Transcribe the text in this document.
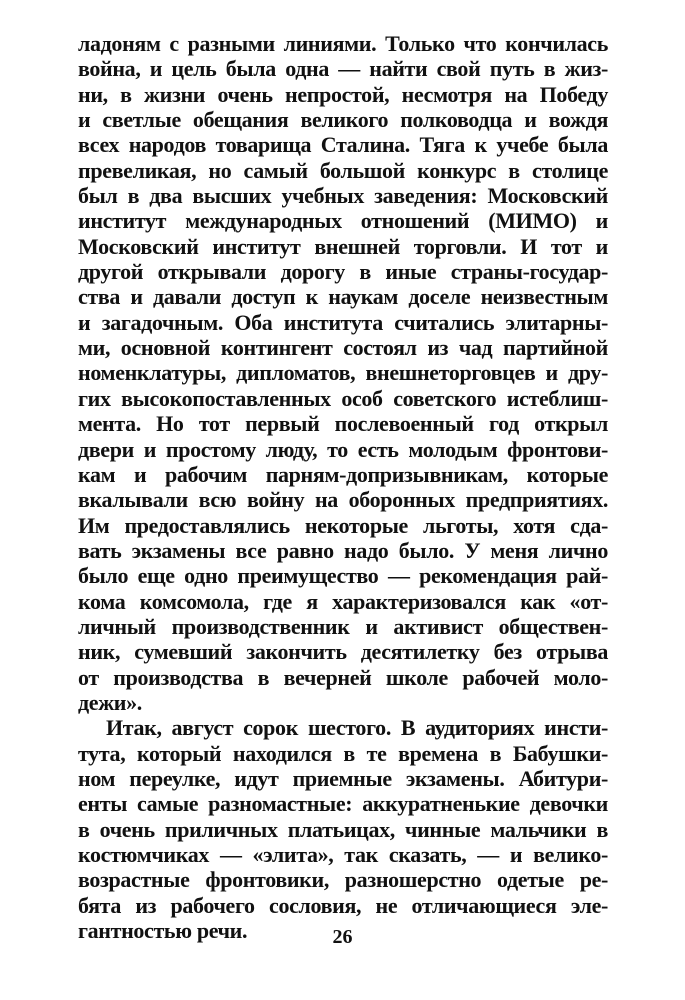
ладоням с разными линиями. Только что кончилась
война, и цель была одна — найти свой путь в жиз-
ни, в жизни очень непростой, несмотря на Победу
и светлые обещания великого полководца и вождя
всех народов товарища Сталина. Тяга к учебе была
превеликая, но самый большой конкурс в столице
был в два высших учебных заведения: Московский
институт международных отношений (МИМО) и
Московский институт внешней торговли. И тот и
другой открывали дорогу в иные страны-государ-
ства и давали доступ к наукам доселе неизвестным
и загадочным. Оба института считались элитарны-
ми, основной контингент состоял из чад партийной
номенклатуры, дипломатов, внешнеторговцев и дру-
гих высокопоставленных особ советского истеблиш-
мента. Но тот первый послевоенный год открыл
двери и простому люду, то есть молодым фронтови-
кам и рабочим парням-допризывникам, которые
вкалывали всю войну на оборонных предприятиях.
Им предоставлялись некоторые льготы, хотя сда-
вать экзамены все равно надо было. У меня лично
было еще одно преимущество — рекомендация рай-
кома комсомола, где я характеризовался как «от-
личный производственник и активист обществен-
ник, сумевший закончить десятилетку без отрыва
от производства в вечерней школе рабочей моло-
дежи».
Итак, август сорок шестого. В аудиториях инсти-
тута, который находился в те времена в Бабушки-
ном переулке, идут приемные экзамены. Абитури-
енты самые разномастные: аккуратненькие девочки
в очень приличных платьицах, чинные мальчики в
костюмчиках — «элита», так сказать, — и велико-
возрастные фронтовики, разношерстно одетые ре-
бята из рабочего сословия, не отличающиеся эле-
гантностью речи.	26
